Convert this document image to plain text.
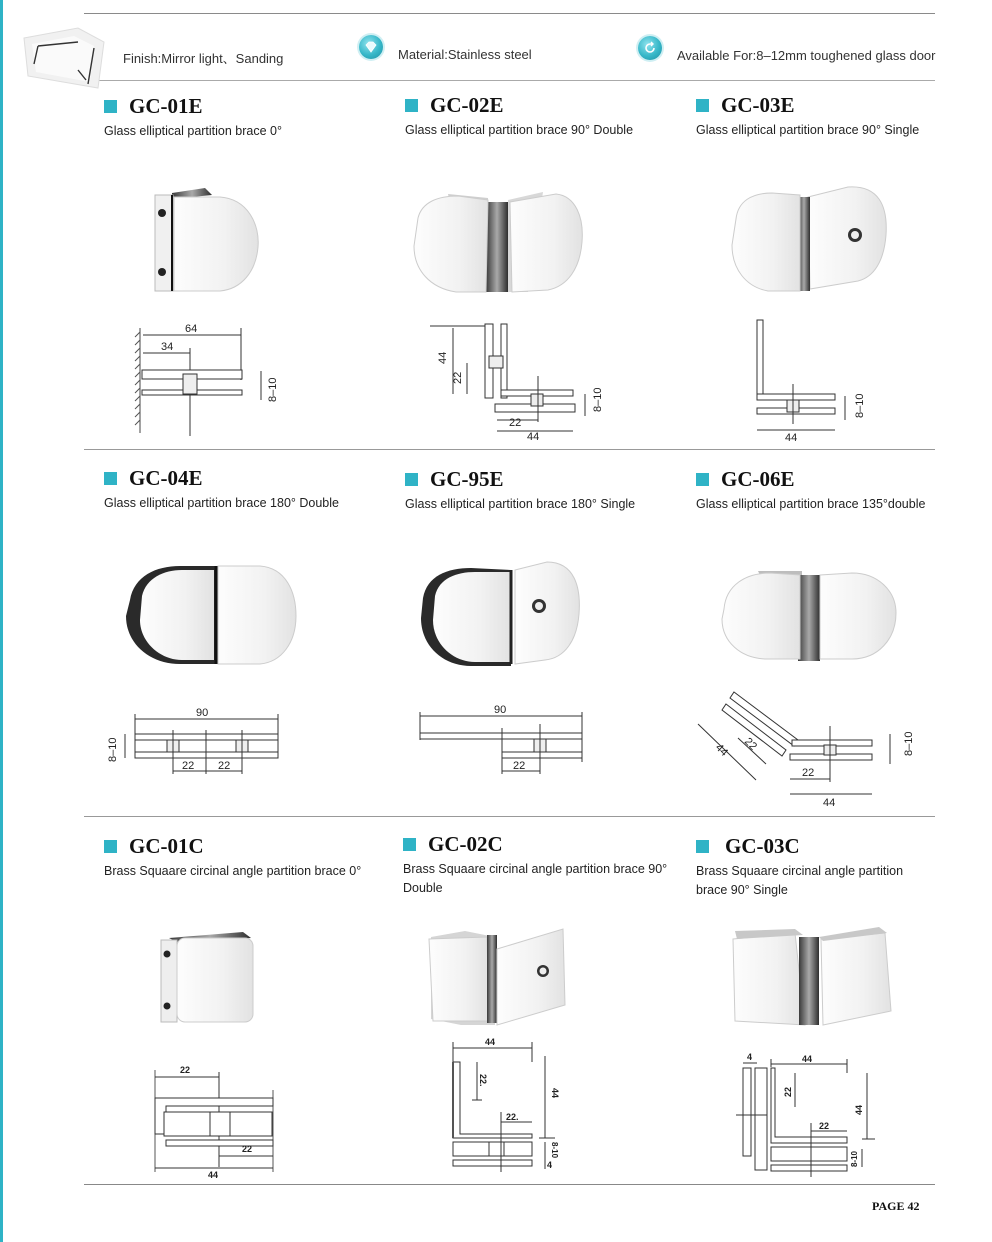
Finish:Mirror light、Sanding	Material:Stainless steel	Available For:8–12mm toughened glass door
GC-01E
Glass elliptical partition brace 0°
64
34
8–10
GC-02E
Glass elliptical partition brace 90° Double
44
22
8–10
22
44
GC-03E
Glass elliptical partition brace 90° Single
8–10
44
GC-04E
Glass elliptical partition brace 180° Double
90
8–10
22 22
GC-95E
Glass elliptical partition brace 180° Single
90
22
GC-06E
Glass elliptical partition brace 135°double
44 22	8–10
22
44
GC-01C
Brass Squaare circinal angle partition brace 0°
22
22
44
GC-02C
Brass Squaare circinal angle partition brace 90° Double
44
22.
44
22.
8-10
4
GC-03C
Brass Squaare circinal angle partition brace 90° Single
4	44
22
44
22
8-10
PAGE 42
